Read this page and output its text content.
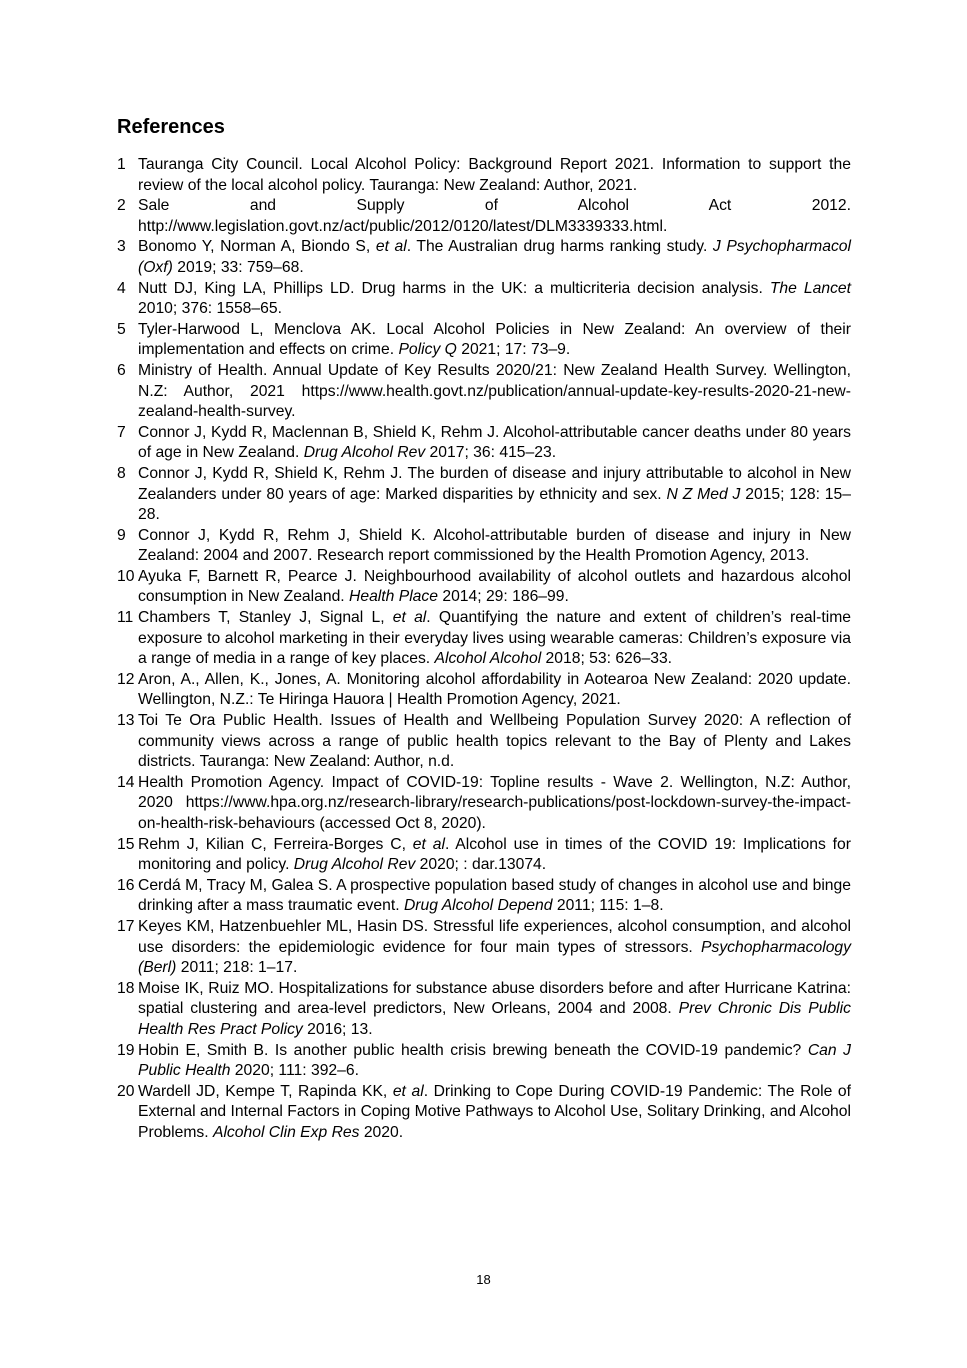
References
1 Tauranga City Council. Local Alcohol Policy: Background Report 2021. Information to support the review of the local alcohol policy. Tauranga: New Zealand: Author, 2021.
2 Sale and Supply of Alcohol Act 2012. http://www.legislation.govt.nz/act/public/2012/0120/latest/DLM3339333.html.
3 Bonomo Y, Norman A, Biondo S, et al. The Australian drug harms ranking study. J Psychopharmacol (Oxf) 2019; 33: 759–68.
4 Nutt DJ, King LA, Phillips LD. Drug harms in the UK: a multicriteria decision analysis. The Lancet 2010; 376: 1558–65.
5 Tyler-Harwood L, Menclova AK. Local Alcohol Policies in New Zealand: An overview of their implementation and effects on crime. Policy Q 2021; 17: 73–9.
6 Ministry of Health. Annual Update of Key Results 2020/21: New Zealand Health Survey. Wellington, N.Z: Author, 2021 https://www.health.govt.nz/publication/annual-update-key-results-2020-21-new-zealand-health-survey.
7 Connor J, Kydd R, Maclennan B, Shield K, Rehm J. Alcohol-attributable cancer deaths under 80 years of age in New Zealand. Drug Alcohol Rev 2017; 36: 415–23.
8 Connor J, Kydd R, Shield K, Rehm J. The burden of disease and injury attributable to alcohol in New Zealanders under 80 years of age: Marked disparities by ethnicity and sex. N Z Med J 2015; 128: 15–28.
9 Connor J, Kydd R, Rehm J, Shield K. Alcohol-attributable burden of disease and injury in New Zealand: 2004 and 2007. Research report commissioned by the Health Promotion Agency, 2013.
10 Ayuka F, Barnett R, Pearce J. Neighbourhood availability of alcohol outlets and hazardous alcohol consumption in New Zealand. Health Place 2014; 29: 186–99.
11 Chambers T, Stanley J, Signal L, et al. Quantifying the nature and extent of children’s real-time exposure to alcohol marketing in their everyday lives using wearable cameras: Children’s exposure via a range of media in a range of key places. Alcohol Alcohol 2018; 53: 626–33.
12 Aron, A., Allen, K., Jones, A. Monitoring alcohol affordability in Aotearoa New Zealand: 2020 update. Wellington, N.Z.: Te Hiringa Hauora | Health Promotion Agency, 2021.
13 Toi Te Ora Public Health. Issues of Health and Wellbeing Population Survey 2020: A reflection of community views across a range of public health topics relevant to the Bay of Plenty and Lakes districts. Tauranga: New Zealand: Author, n.d.
14 Health Promotion Agency. Impact of COVID-19: Topline results - Wave 2. Wellington, N.Z: Author, 2020 https://www.hpa.org.nz/research-library/research-publications/post-lockdown-survey-the-impact-on-health-risk-behaviours (accessed Oct 8, 2020).
15 Rehm J, Kilian C, Ferreira-Borges C, et al. Alcohol use in times of the COVID 19: Implications for monitoring and policy. Drug Alcohol Rev 2020; : dar.13074.
16 Cerdá M, Tracy M, Galea S. A prospective population based study of changes in alcohol use and binge drinking after a mass traumatic event. Drug Alcohol Depend 2011; 115: 1–8.
17 Keyes KM, Hatzenbuehler ML, Hasin DS. Stressful life experiences, alcohol consumption, and alcohol use disorders: the epidemiologic evidence for four main types of stressors. Psychopharmacology (Berl) 2011; 218: 1–17.
18 Moise IK, Ruiz MO. Hospitalizations for substance abuse disorders before and after Hurricane Katrina: spatial clustering and area-level predictors, New Orleans, 2004 and 2008. Prev Chronic Dis Public Health Res Pract Policy 2016; 13.
19 Hobin E, Smith B. Is another public health crisis brewing beneath the COVID-19 pandemic? Can J Public Health 2020; 111: 392–6.
20 Wardell JD, Kempe T, Rapinda KK, et al. Drinking to Cope During COVID-19 Pandemic: The Role of External and Internal Factors in Coping Motive Pathways to Alcohol Use, Solitary Drinking, and Alcohol Problems. Alcohol Clin Exp Res 2020.
18
